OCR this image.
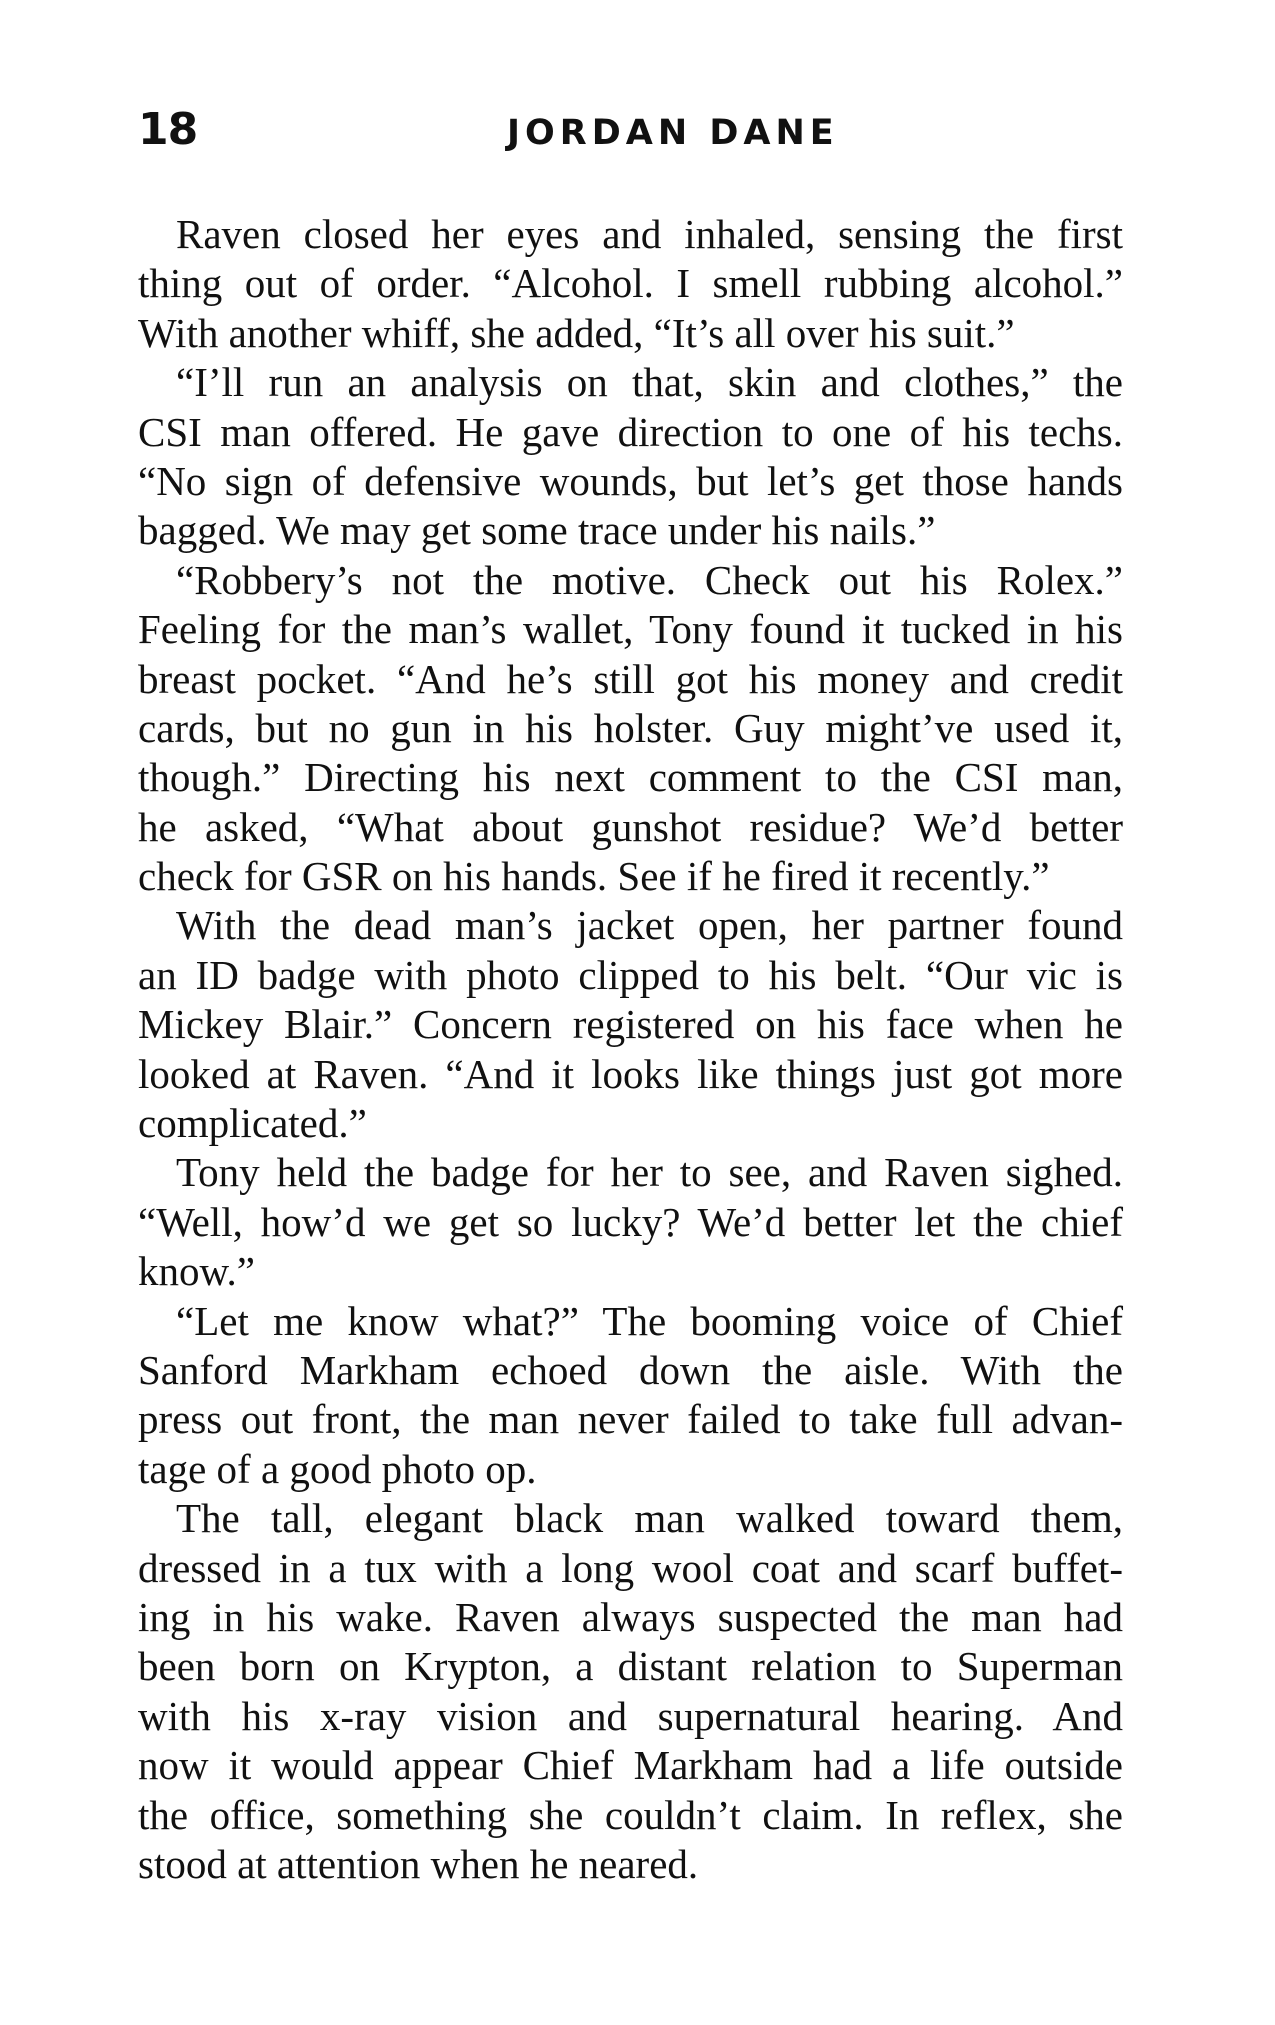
18	JORDAN DANE
Raven closed her eyes and inhaled, sensing the first
thing out of order. “Alcohol. I smell rubbing alcohol.”
With another whiff, she added, “It’s all over his suit.”
“I’ll run an analysis on that, skin and clothes,” the
CSI man offered. He gave direction to one of his techs.
“No sign of defensive wounds, but let’s get those hands
bagged. We may get some trace under his nails.”
“Robbery’s not the motive. Check out his Rolex.”
Feeling for the man’s wallet, Tony found it tucked in his
breast pocket. “And he’s still got his money and credit
cards, but no gun in his holster. Guy might’ve used it,
though.” Directing his next comment to the CSI man,
he asked, “What about gunshot residue? We’d better
check for GSR on his hands. See if he fired it recently.”
With the dead man’s jacket open, her partner found
an ID badge with photo clipped to his belt. “Our vic is
Mickey Blair.” Concern registered on his face when he
looked at Raven. “And it looks like things just got more
complicated.”
Tony held the badge for her to see, and Raven sighed.
“Well, how’d we get so lucky? We’d better let the chief
know.”
“Let me know what?” The booming voice of Chief
Sanford Markham echoed down the aisle. With the
press out front, the man never failed to take full advan-
tage of a good photo op.
The tall, elegant black man walked toward them,
dressed in a tux with a long wool coat and scarf buffet-
ing in his wake. Raven always suspected the man had
been born on Krypton, a distant relation to Superman
with his x-ray vision and supernatural hearing. And
now it would appear Chief Markham had a life outside
the office, something she couldn’t claim. In reflex, she
stood at attention when he neared.
